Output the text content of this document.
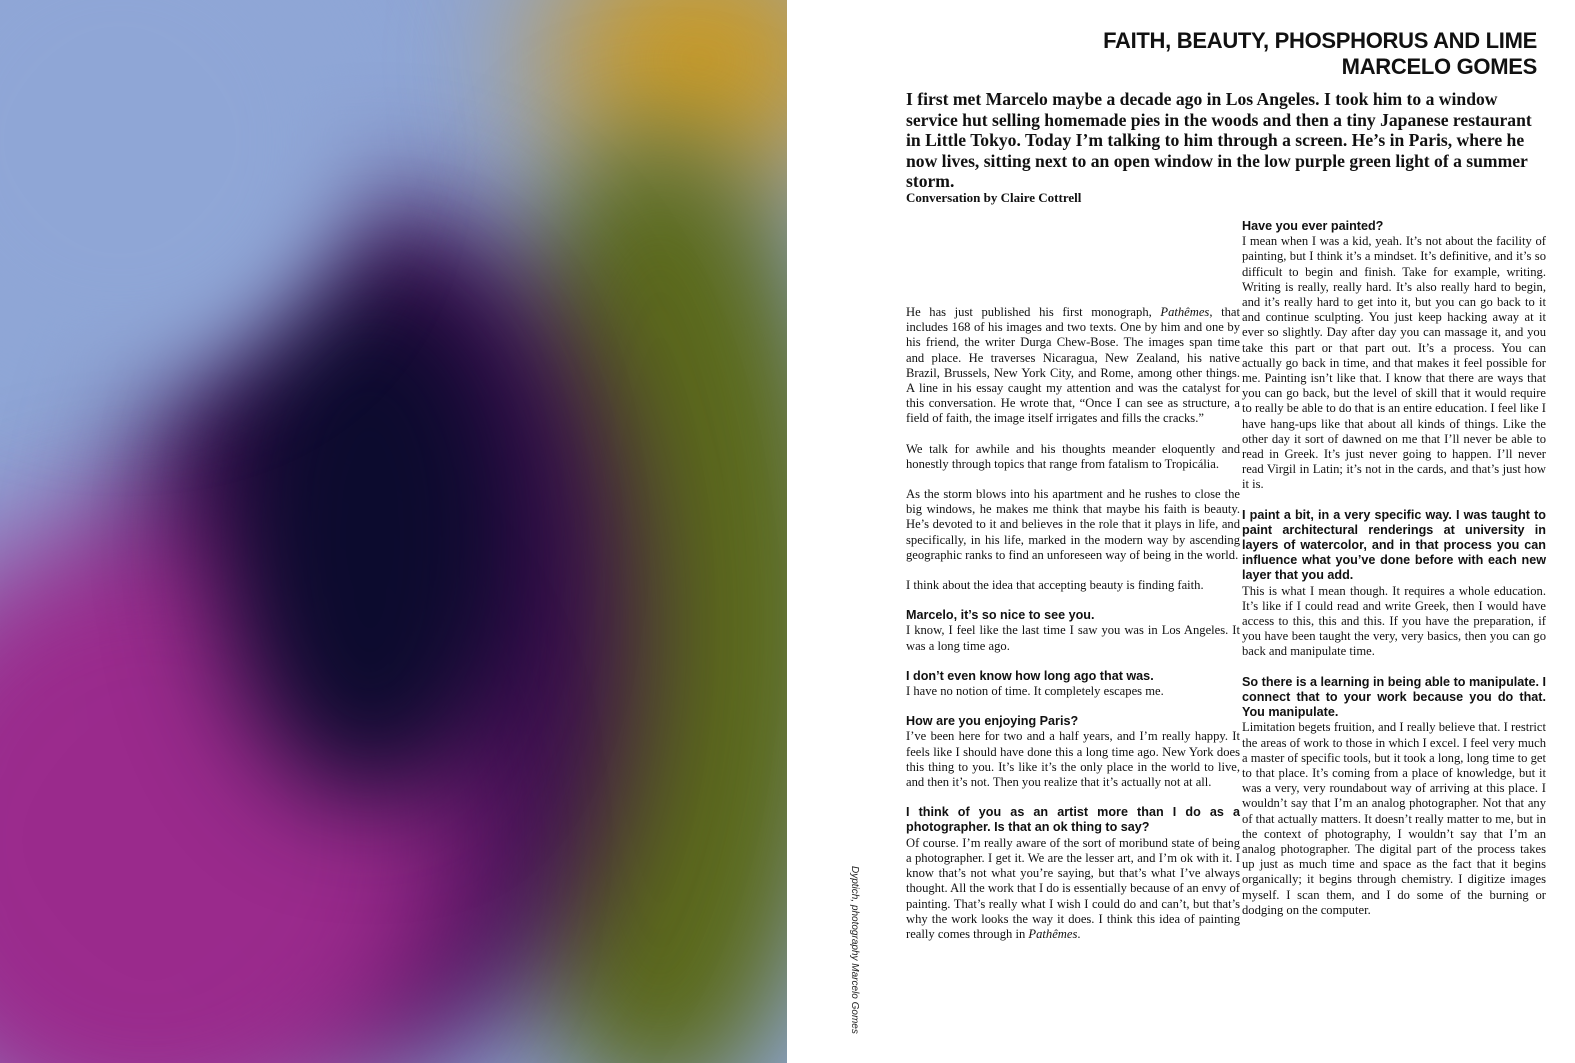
Dyptich, photography Marcelo Gomes
FAITH, BEAUTY, PHOSPHORUS AND LIME
MARCELO GOMES

I first met Marcelo maybe a decade ago in Los Angeles. I took him to a window service hut selling homemade pies in the woods and then a tiny Japanese restaurant in Little Tokyo. Today I’m talking to him through a screen. He’s in Paris, where he now lives, sitting next to an open window in the low purple green light of a summer storm.

Conversation by Claire Cottrell

He has just published his first monograph, Pathêmes, that includes 168 of his images and two texts. One by him and one by his friend, the writer Durga Chew-Bose. The images span time and place. He traverses Nicaragua, New Zealand, his native Brazil, Brussels, New York City, and Rome, among other things. A line in his essay caught my attention and was the catalyst for this conversation. He wrote that, “Once I can see as structure, a field of faith, the image itself irrigates and fills the cracks.”

We talk for awhile and his thoughts meander eloquently and honestly through topics that range from fatalism to Tropicália.

As the storm blows into his apartment and he rushes to close the big windows, he makes me think that maybe his faith is beauty. He’s devoted to it and believes in the role that it plays in life, and specifically, in his life, marked in the modern way by ascending geographic ranks to find an unforeseen way of being in the world.

I think about the idea that accepting beauty is finding faith.

Marcelo, it’s so nice to see you.

I know, I feel like the last time I saw you was in Los Angeles. It was a long time ago.

I don’t even know how long ago that was.

I have no notion of time. It completely escapes me.

How are you enjoying Paris?

I’ve been here for two and a half years, and I’m really happy. It feels like I should have done this a long time ago. New York does this thing to you. It’s like it’s the only place in the world to live, and then it’s not. Then you realize that it’s actually not at all.

I think of you as an artist more than I do as a photographer. Is that an ok thing to say?

Of course. I’m really aware of the sort of moribund state of being a photographer. I get it. We are the lesser art, and I’m ok with it. I know that’s not what you’re saying, but that’s what I’ve always thought. All the work that I do is essentially because of an envy of painting. That’s really what I wish I could do and can’t, but that’s why the work looks the way it does. I think this idea of painting really comes through in Pathêmes.

Have you ever painted?

I mean when I was a kid, yeah. It’s not about the facility of painting, but I think it’s a mindset. It’s definitive, and it’s so difficult to begin and finish. Take for example, writing. Writing is really, really hard. It’s also really hard to begin, and it’s really hard to get into it, but you can go back to it and continue sculpting. You just keep hacking away at it ever so slightly. Day after day you can massage it, and you take this part or that part out. It’s a process. You can actually go back in time, and that makes it feel possible for me. Painting isn’t like that. I know that there are ways that you can go back, but the level of skill that it would require to really be able to do that is an entire education. I feel like I have hang-ups like that about all kinds of things. Like the other day it sort of dawned on me that I’ll never be able to read in Greek. It’s just never going to happen. I’ll never read Virgil in Latin; it’s not in the cards, and that’s just how it is.

I paint a bit, in a very specific way. I was taught to paint architectural renderings at university in layers of watercolor, and in that process you can influence what you’ve done before with each new layer that you add.

This is what I mean though. It requires a whole education. It’s like if I could read and write Greek, then I would have access to this, this and this. If you have the preparation, if you have been taught the very, very basics, then you can go back and manipulate time.

So there is a learning in being able to manipulate. I connect that to your work because you do that. You manipulate.

Limitation begets fruition, and I really believe that. I restrict the areas of work to those in which I excel. I feel very much a master of specific tools, but it took a long, long time to get to that place. It’s coming from a place of knowledge, but it was a very, very roundabout way of arriving at this place. I wouldn’t say that I’m an analog photographer. Not that any of that actually matters. It doesn’t really matter to me, but in the context of photography, I wouldn’t say that I’m an analog photographer. The digital part of the process takes up just as much time and space as the fact that it begins organically; it begins through chemistry. I digitize images myself. I scan them, and I do some of the burning or dodging on the computer.
